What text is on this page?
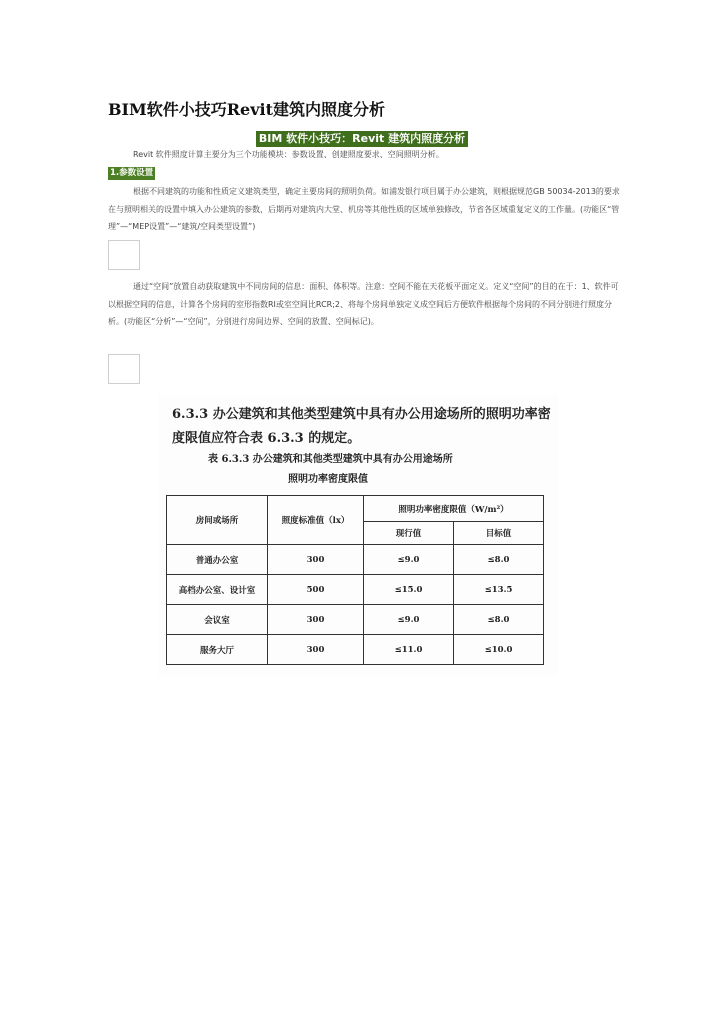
BIM软件小技巧Revit建筑内照度分析
BIM 软件小技巧：Revit 建筑内照度分析
Revit 软件照度计算主要分为三个功能模块：参数设置、创建照度要求、空间照明分析。
1.参数设置
根据不同建筑的功能和性质定义建筑类型，确定主要房间的照明负荷。如浦发银行项目属于办公建筑，则根据规范GB 50034-2013的要求在与照明相关的设置中填入办公建筑的参数，后期再对建筑内大堂、机房等其他性质的区域单独修改，节省各区域重复定义的工作量。(功能区“管理”—“MEP设置”—“建筑/空间类型设置”)
通过“空间”放置自动获取建筑中不同房间的信息：面积、体积等。注意：空间不能在天花板平面定义。定义“空间”的目的在于：1、软件可以根据空间的信息，计算各个房间的室形指数RI或室空间比RCR;2、将每个房间单独定义成空间后方便软件根据每个房间的不同分别进行照度分析。(功能区“分析”—“空间”，分别进行房间边界、空间的放置、空间标记)。
6.3.3 办公建筑和其他类型建筑中具有办公用途场所的照明功率密度限值应符合表 6.3.3 的规定。
表 6.3.3 办公建筑和其他类型建筑中具有办公用途场所
照明功率密度限值
房间或场所	照度标准值（lx）	照明功率密度限值（W/m²）	
		现行值	目标值
普通办公室	300	≤9.0	≤8.0
高档办公室、设计室	500	≤15.0	≤13.5
会议室	300	≤9.0	≤8.0
服务大厅	300	≤11.0	≤10.0
